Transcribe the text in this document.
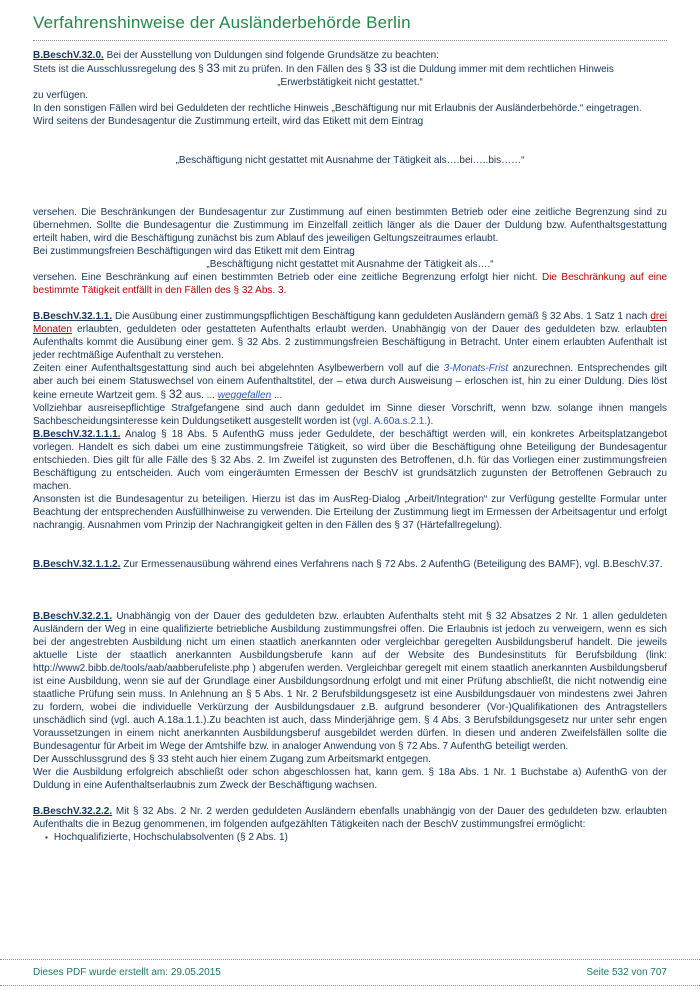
Verfahrenshinweise der Ausländerbehörde Berlin
B.BeschV.32.0. Bei der Ausstellung von Duldungen sind folgende Grundsätze zu beachten:
Stets ist die Ausschlussregelung des § 33 mit zu prüfen. In den Fällen des § 33 ist die Duldung immer mit dem rechtlichen Hinweis
„Erwerbstätigkeit nicht gestattet.“
zu verfügen.
In den sonstigen Fällen wird bei Geduldeten der rechtliche Hinweis „Beschäftigung nur mit Erlaubnis der Ausländerbehörde.“ eingetragen.
Wird seitens der Bundesagentur die Zustimmung erteilt, wird das Etikett mit dem Eintrag
„Beschäftigung nicht gestattet mit Ausnahme der Tätigkeit als….bei…..bis……“
versehen. Die Beschränkungen der Bundesagentur zur Zustimmung auf einen bestimmten Betrieb oder eine zeitliche Begrenzung sind zu übernehmen. Sollte die Bundesagentur die Zustimmung im Einzelfall zeitlich länger als die Dauer der Duldung bzw. Aufenthaltsgestattung erteilt haben, wird die Beschäftigung zunächst bis zum Ablauf des jeweiligen Geltungszeitraumes erlaubt.
Bei zustimmungsfreien Beschäftigungen wird das Etikett mit dem Eintrag
„Beschäftigung nicht gestattet mit Ausnahme der Tätigkeit als….“
versehen. Eine Beschränkung auf einen bestimmten Betrieb oder eine zeitliche Begrenzung erfolgt hier nicht. Die Beschränkung auf eine bestimmte Tätigkeit entfällt in den Fällen des § 32 Abs. 3.
B.BeschV.32.1.1. Die Ausübung einer zustimmungspflichtigen Beschäftigung kann geduldeten Ausländern gemäß § 32 Abs. 1 Satz 1 nach drei Monaten erlaubten, geduldeten oder gestatteten Aufenthalts erlaubt werden. Unabhängig von der Dauer des geduldeten bzw. erlaubten Aufenthalts kommt die Ausübung einer gem. § 32 Abs. 2 zustimmungsfreien Beschäftigung in Betracht. Unter einem erlaubten Aufenthalt ist jeder rechtmäßige Aufenthalt zu verstehen.
Zeiten einer Aufenthaltsgestattung sind auch bei abgelehnten Asylbewerbern voll auf die 3-Monats-Frist anzurechnen. Entsprechendes gilt aber auch bei einem Statuswechsel von einem Aufenthaltstitel, der – etwa durch Ausweisung – erloschen ist, hin zu einer Duldung. Dies löst keine erneute Wartzeit gem. § 32 aus. ... weggefallen ...
Vollziehbar ausreisepflichtige Strafgefangene sind auch dann geduldet im Sinne dieser Vorschrift, wenn bzw. solange ihnen mangels Sachbescheidungsinteresse kein Duldungsetikett ausgestellt worden ist (vgl. A.60a.s.2.1.).
B.BeschV.32.1.1.1. Analog § 18 Abs. 5 AufenthG muss jeder Geduldete, der beschäftigt werden will, ein konkretes Arbeitsplatzangebot vorlegen. Handelt es sich dabei um eine zustimmungsfreie Tätigkeit, so wird über die Beschäftigung ohne Beteiligung der Bundesagentur entschieden. Dies gilt für alle Fälle des § 32 Abs. 2. Im Zweifel ist zugunsten des Betroffenen, d.h. für das Vorliegen einer zustimmungsfreien Beschäftigung zu entscheiden. Auch vom eingeräumten Ermessen der BeschV ist grundsätzlich zugunsten der Betroffenen Gebrauch zu machen.
Ansonsten ist die Bundesagentur zu beteiligen. Hierzu ist das im AusReg-Dialog „Arbeit/Integration“ zur Verfügung gestellte Formular unter Beachtung der entsprechenden Ausfüllhinweise zu verwenden. Die Erteilung der Zustimmung liegt im Ermessen der Arbeitsagentur und erfolgt nachrangig. Ausnahmen vom Prinzip der Nachrangigkeit gelten in den Fällen des § 37 (Härtefallregelung).
B.BeschV.32.1.1.2. Zur Ermessenausübung während eines Verfahrens nach § 72 Abs. 2 AufenthG (Beteiligung des BAMF), vgl. B.BeschV.37.
B.BeschV.32.2.1. Unabhängig von der Dauer des geduldeten bzw. erlaubten Aufenthalts steht mit § 32 Absatzes 2 Nr. 1 allen geduldeten Ausländern der Weg in eine qualifizierte betriebliche Ausbildung zustimmungsfrei offen. Die Erlaubnis ist jedoch zu verweigern, wenn es sich bei der angestrebten Ausbildung nicht um einen staatlich anerkannten oder vergleichbar geregelten Ausbildungsberuf handelt. Die jeweils aktuelle Liste der staatlich anerkannten Ausbildungsberufe kann auf der Website des Bundesinstituts für Berufsbildung (link: http://www2.bibb.de/tools/aab/aabberufeliste.php ) abgerufen werden. Vergleichbar geregelt mit einem staatlich anerkannten Ausbildungsberuf ist eine Ausbildung, wenn sie auf der Grundlage einer Ausbildungsordnung erfolgt und mit einer Prüfung abschließt, die nicht notwendig eine staatliche Prüfung sein muss. In Anlehnung an § 5 Abs. 1 Nr. 2 Berufsbildungsgesetz ist eine Ausbildungsdauer von mindestens zwei Jahren zu fordern, wobei die individuelle Verkürzung der Ausbildungsdauer z.B. aufgrund besonderer (Vor-)Qualifikationen des Antragstellers unschädlich sind (vgl. auch A.18a.1.1.).Zu beachten ist auch, dass Minderjährige gem. § 4 Abs. 3 Berufsbildungsgesetz nur unter sehr engen Voraussetzungen in einem nicht anerkannten Ausbildungsberuf ausgebildet werden dürfen. In diesen und anderen Zweifelsfällen sollte die Bundesagentur für Arbeit im Wege der Amtshilfe bzw. in analoger Anwendung von § 72 Abs. 7 AufenthG beteiligt werden.
Der Ausschlussgrund des § 33 steht auch hier einem Zugang zum Arbeitsmarkt entgegen.
Wer die Ausbildung erfolgreich abschließt oder schon abgeschlossen hat, kann gem. § 18a Abs. 1 Nr. 1 Buchstabe a) AufenthG von der Duldung in eine Aufenthaltserlaubnis zum Zweck der Beschäftigung wachsen.
B.BeschV.32.2.2. Mit § 32 Abs. 2 Nr. 2 werden geduldeten Ausländern ebenfalls unabhängig von der Dauer des geduldeten bzw. erlaubten Aufenthalts die in Bezug genommenen, im folgenden aufgezählten Tätigkeiten nach der BeschV zustimmungsfrei ermöglicht:
▪ Hochqualifizierte, Hochschulabsolventen (§ 2 Abs. 1)
Dieses PDF wurde erstellt am: 29.05.2015	Seite 532 von 707
